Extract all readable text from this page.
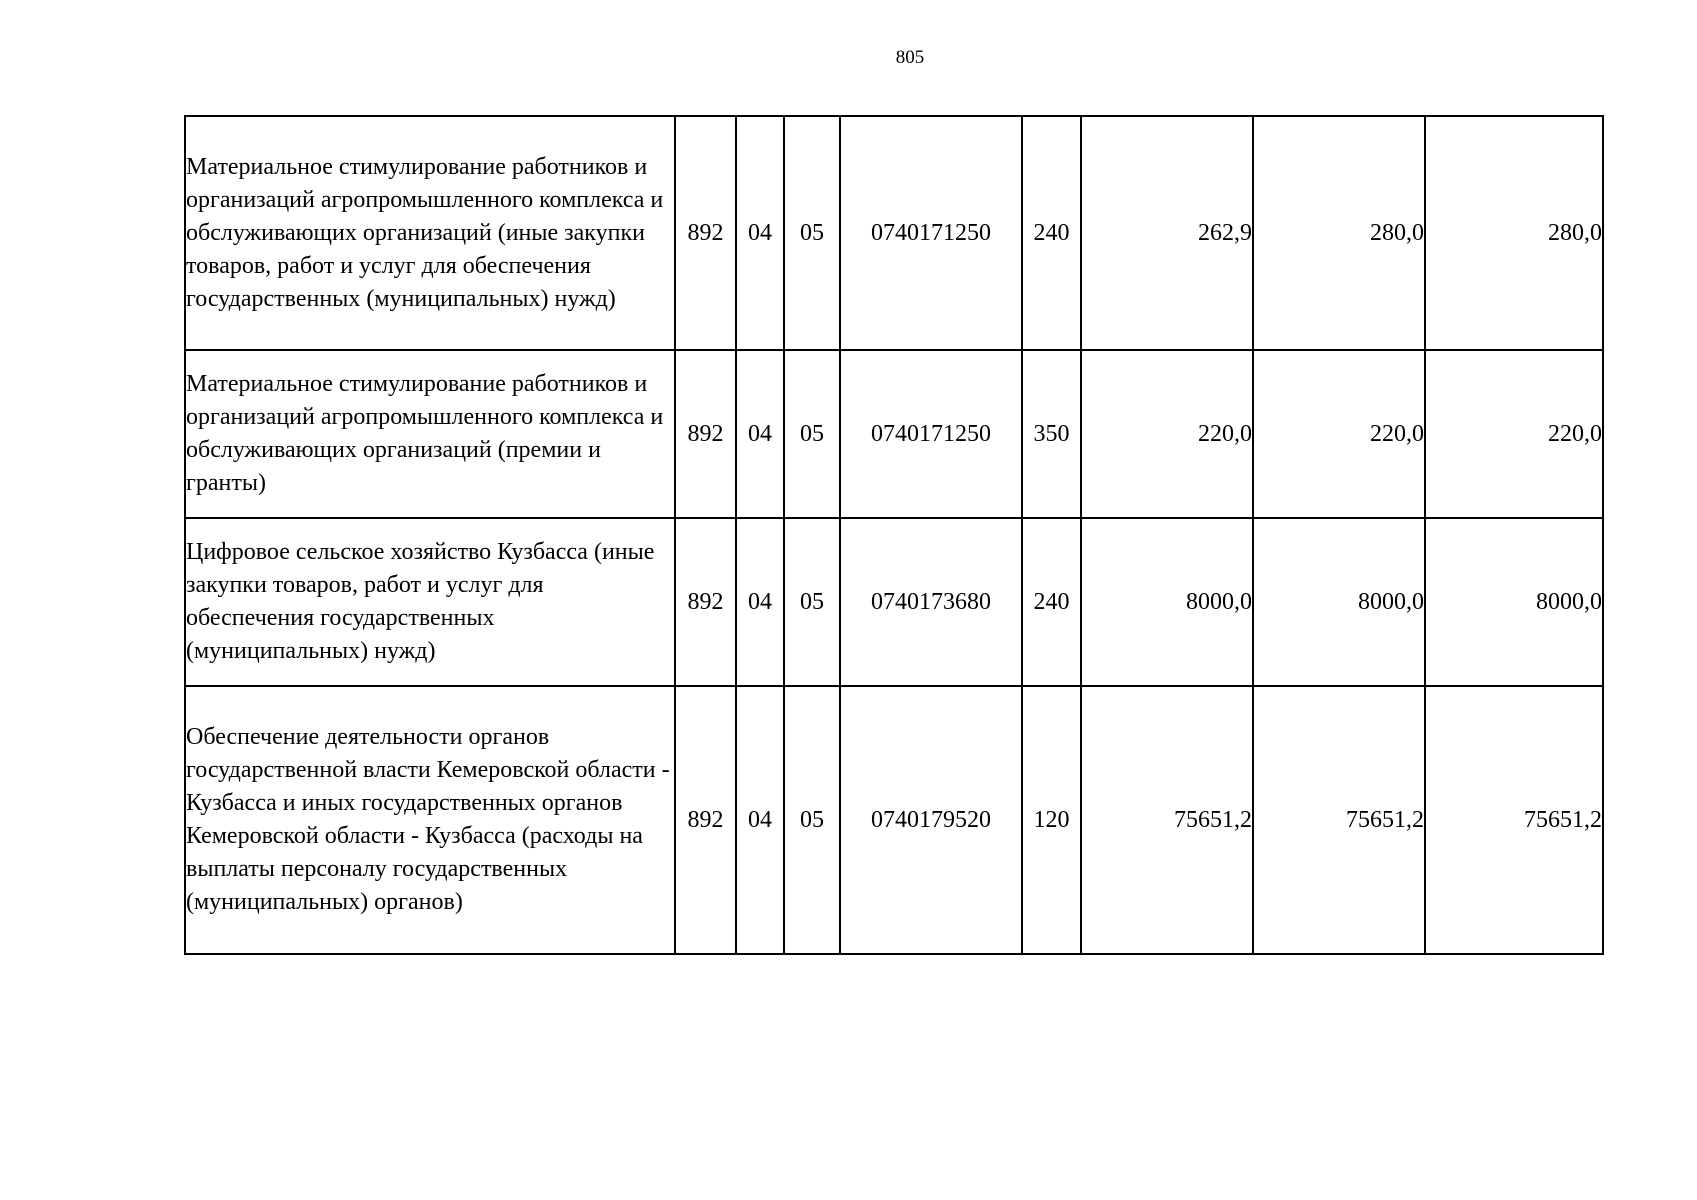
805
Материальное стимулирование работников и организаций агропромышленного комплекса и обслуживающих организаций (иные закупки товаров, работ и услуг для обеспечения государственных (муниципальных) нужд)	892	04	05	0740171250	240	262,9	280,0	280,0
Материальное стимулирование работников и организаций агропромышленного комплекса и обслуживающих организаций (премии и гранты)	892	04	05	0740171250	350	220,0	220,0	220,0
Цифровое сельское хозяйство Кузбасса (иные закупки товаров, работ и услуг для обеспечения государственных (муниципальных) нужд)	892	04	05	0740173680	240	8000,0	8000,0	8000,0
Обеспечение деятельности органов государственной власти Кемеровской области - Кузбасса и иных государственных органов Кемеровской области - Кузбасса (расходы на выплаты персоналу государственных (муниципальных) органов)	892	04	05	0740179520	120	75651,2	75651,2	75651,2
